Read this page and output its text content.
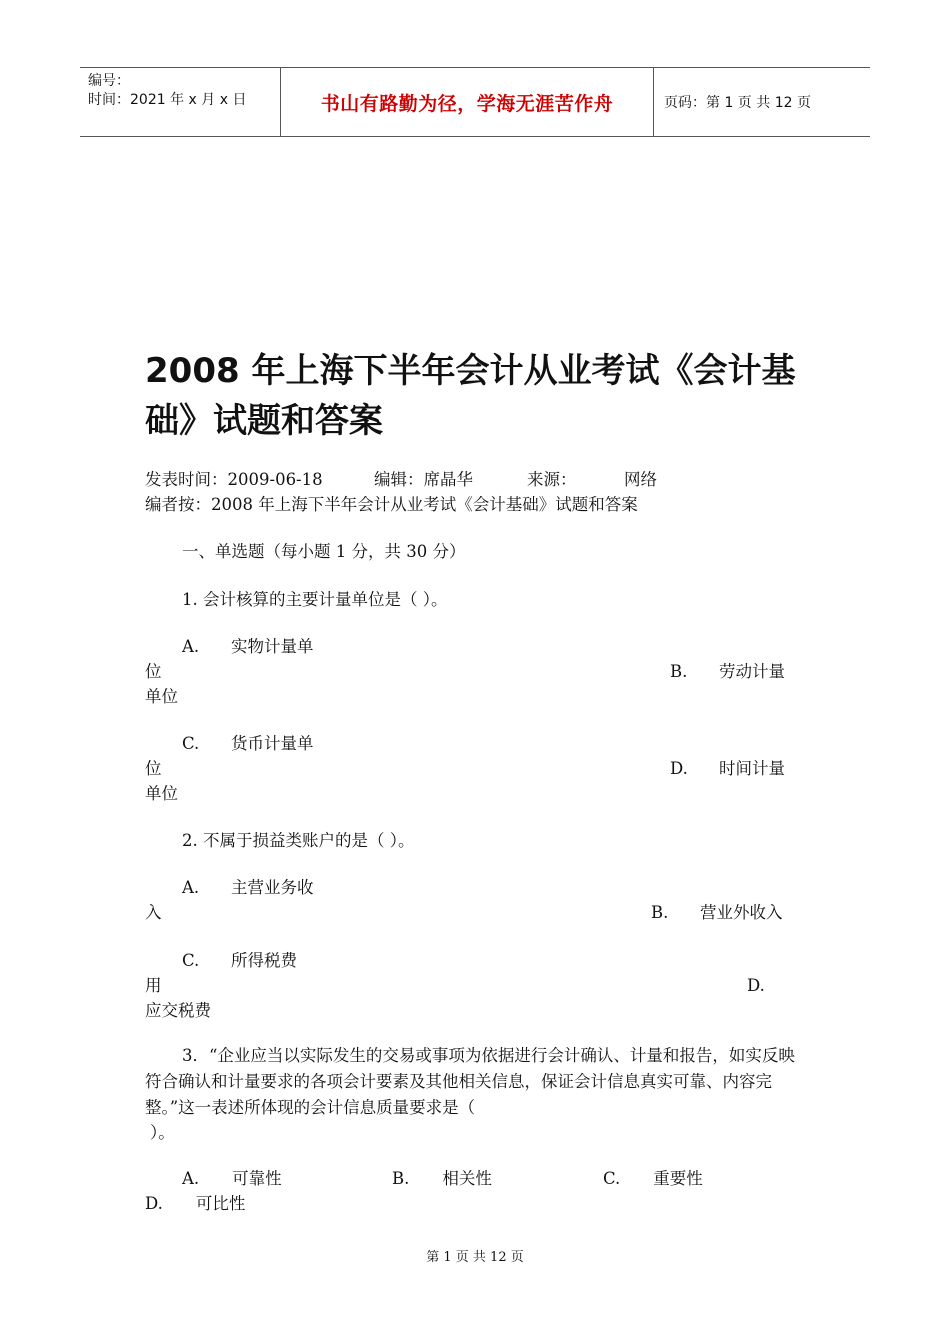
编号：
时间：2021 年 x 月 x 日	书山有路勤为径，学海无涯苦作舟	页码：第 1 页 共 12 页
2008 年上海下半年会计从业考试《会计基础》试题和答案
发表时间：2009-06-18	编辑：席晶华	来源：	网络
编者按：2008 年上海下半年会计从业考试《会计基础》试题和答案
一、单选题（每小题 1 分，共 30 分）
1. 会计核算的主要计量单位是（ ）。
A. 实物计量单
位	B. 劳动计量
单位
C. 货币计量单
位	D. 时间计量
单位
2. 不属于损益类账户的是（ ）。
A. 主营业务收
入	B. 营业外收入
C. 所得税费
用	D.
应交税费
3．“企业应当以实际发生的交易或事项为依据进行会计确认、计量和报告，如实反映符合确认和计量要求的各项会计要素及其他相关信息，保证会计信息真实可靠、内容完整。”这一表述所体现的会计信息质量要求是（
）。
A.　　可靠性	B.　　相关性	C.　　重要性
D.　　可比性
第 1 页 共 12 页
